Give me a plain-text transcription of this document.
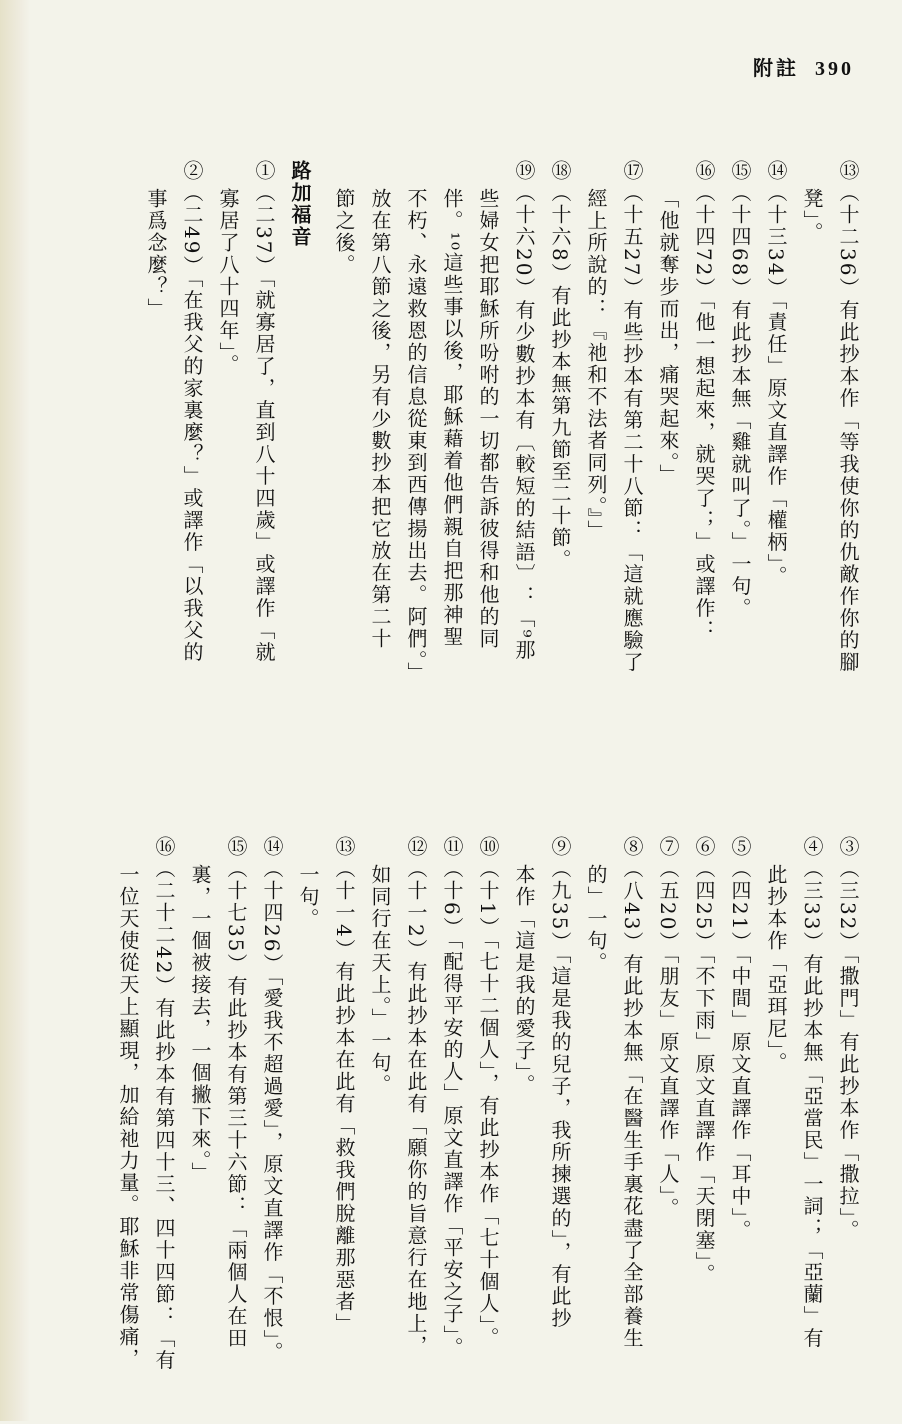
附註 390
⑬（十二36）有此抄本作「等我使你的仇敵作你的腳
凳」。
⑭（十三34）「責任」原文直譯作「權柄」。
⑮（十四68）有此抄本無「雞就叫了。」一句。
⑯（十四72）「他一想起來，就哭了；」或譯作：
「他就奪步而出，痛哭起來。」
⑰（十五27）有些抄本有第二十八節：「這就應驗了
經上所說的：『祂和不法者同列。』」
⑱（十六8）有此抄本無第九節至二十節。
⑲（十六20）有少數抄本有〔較短的結語〕：「⁹那
些婦女把耶穌所吩咐的一切都告訴彼得和他的同
伴。¹⁰這些事以後，耶穌藉着他們親自把那神聖
不朽、永遠救恩的信息從東到西傳揚出去。阿們。」
放在第八節之後，另有少數抄本把它放在第二十
節之後。
路加福音
①（二37）「就寡居了，直到八十四歲」或譯作「就
寡居了八十四年」。
②（二49）「在我父的家裏麼？」或譯作「以我父的
事爲念麼？」
③（三32）「撒門」有此抄本作「撒拉」。
④（三33）有此抄本無「亞當民」一詞；「亞蘭」有
此抄本作「亞珥尼」。
⑤（四21）「中間」原文直譯作「耳中」。
⑥（四25）「不下雨」原文直譯作「天閉塞」。
⑦（五20）「朋友」原文直譯作「人」。
⑧（八43）有此抄本無「在醫生手裏花盡了全部養生
的」一句。
⑨（九35）「這是我的兒子，我所揀選的」，有此抄
本作「這是我的愛子」。
⑩（十1）「七十二個人」，有此抄本作「七十個人」。
⑪（十6）「配得平安的人」原文直譯作「平安之子」。
⑫（十一2）有此抄本在此有「願你的旨意行在地上，
如同行在天上。」一句。
⑬（十一4）有此抄本在此有「救我們脫離那惡者」
一句。
⑭（十四26）「愛我不超過愛」，原文直譯作「不恨」。
⑮（十七35）有此抄本有第三十六節：「兩個人在田
裏，一個被接去，一個撇下來。」
⑯（二十二42）有此抄本有第四十三、四十四節：「有
一位天使從天上顯現，加給祂力量。耶穌非常傷痛，
